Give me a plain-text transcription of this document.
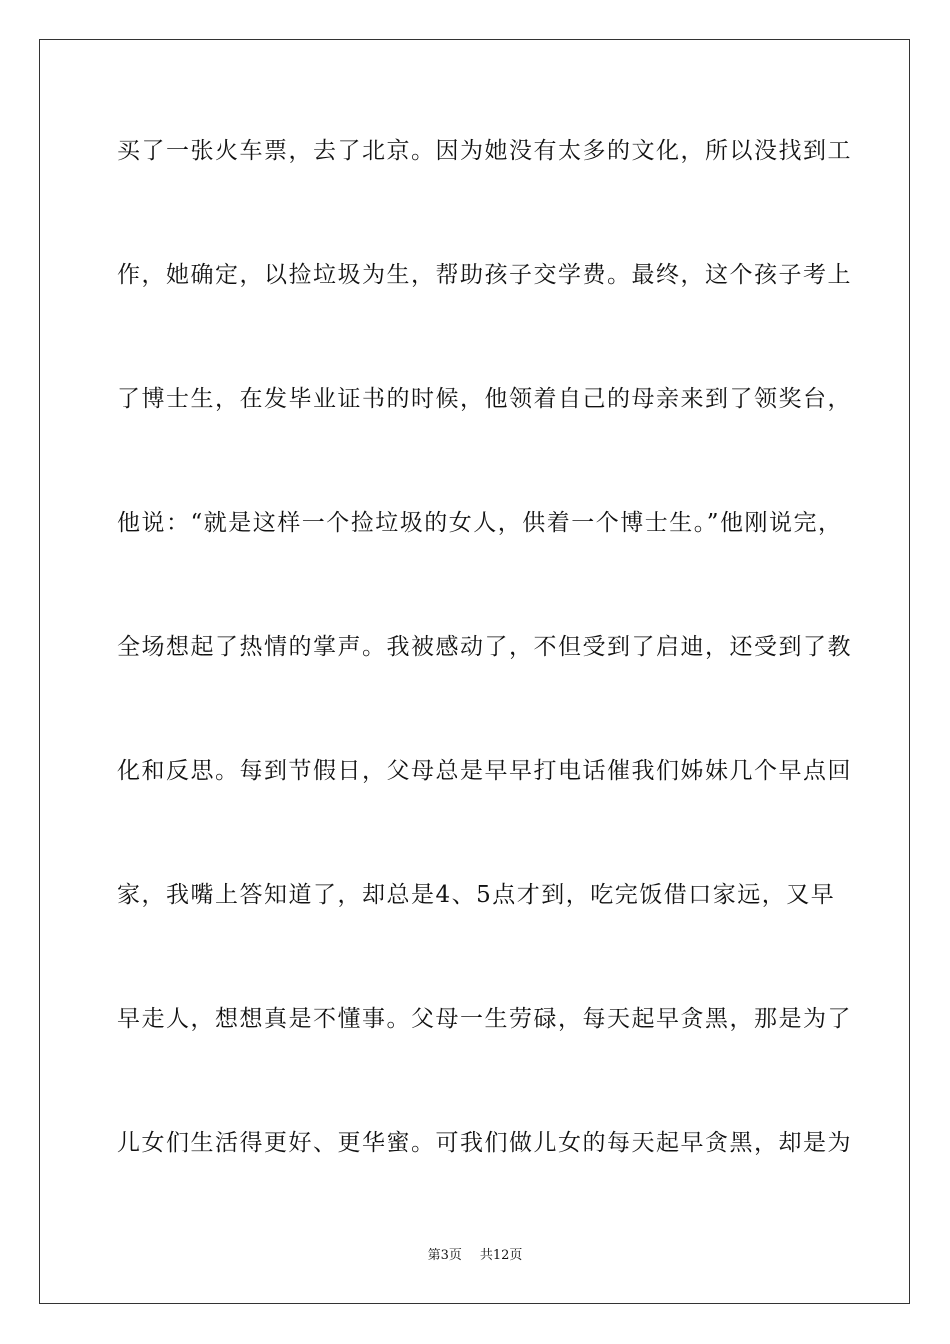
买了一张火车票，去了北京。因为她没有太多的文化，所以没找到工
作，她确定，以捡垃圾为生，帮助孩子交学费。最终，这个孩子考上
了博士生，在发毕业证书的时候，他领着自己的母亲来到了领奖台，
他说：“就是这样一个捡垃圾的女人，供着一个博士生。”他刚说完，
全场想起了热情的掌声。我被感动了，不但受到了启迪，还受到了教
化和反思。每到节假日，父母总是早早打电话催我们姊妹几个早点回
家，我嘴上答知道了，却总是4、5点才到，吃完饭借口家远，又早
早走人，想想真是不懂事。父母一生劳碌，每天起早贪黑，那是为了
儿女们生活得更好、更华蜜。可我们做儿女的每天起早贪黑，却是为
第3页 共12页
